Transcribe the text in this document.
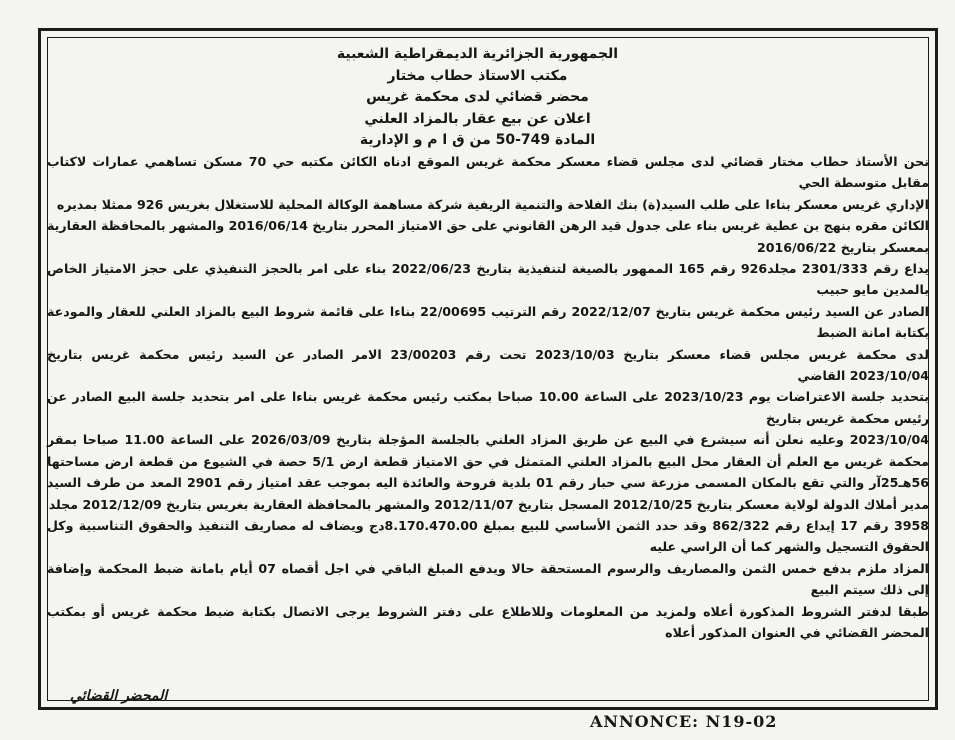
الجمهورية الجزائرية الديمقراطية الشعبية
مكتب الاستاذ حطاب مختار
محضر قضائي لدى محكمة غريس
اعلان عن بيع عقار بالمزاد العلني
المادة 749-50 من ق ا م و الإدارية

نحن الأستاذ حطاب مختار قضائي لدى مجلس قضاء معسكر محكمة غريس الموقع ادناه الكائن مكتبه حي 70 مسكن تساهمي عمارات لاكتاب مقابل متوسطة الحي

الإداري غريس معسكر بناءا على طلب السيد(ة) بنك الفلاحة والتنمية الريفية شركة مساهمة الوكالة المحلية للاستغلال بغريس 926 ممثلا بمديره

الكائن مقره بنهج بن عطية غريس بناء على جدول قيد الرهن القانوني على حق الامتياز المحرر بتاريخ 2016/06/14 والمشهر بالمحافظة العقارية بمعسكر بتاريخ 2016/06/22

يداع رقم 2301/333 مجلد926 رقم 165 الممهور بالصيغة لتنفيذية بتاريخ 2022/06/23 بناء على امر بالحجز التنفيذي على حجز الامتياز الخاص بالمدين مايو حبيب

الصادر عن السيد رئيس محكمة غريس بتاريخ 2022/12/07 رقم الترتيب 22/00695 بناءا على قائمة شروط البيع بالمزاد العلني للعقار والمودعة بكتابة امانة الضبط

لدى محكمة غريس مجلس قضاء معسكر بتاريخ 2023/10/03 تحت رقم 23/00203 الامر الصادر عن السيد رئيس محكمة غريس بتاريخ 2023/10/04 القاضي

بتحديد جلسة الاعتراضات يوم 2023/10/23 على الساعة 10.00 صباحا بمكتب رئيس محكمة غريس بناءا على امر بتحديد جلسة البيع الصادر عن رئيس محكمة غريس بتاريخ

2023/10/04 وعليه نعلن أنه سيشرع في البيع عن طريق المزاد العلني بالجلسة المؤجلة بتاريخ 2026/03/09 على الساعة 11.00 صباحا بمقر محكمة غريس مع العلم أن العقار محل البيع بالمزاد العلني المتمثل في حق الامتياز قطعة ارض 5/1 حصة في الشيوع من قطعة ارض مساحتها 56هـ25آر والتي تقع بالمكان المسمى مزرعة سي حبار رقم 01 بلدية فروحة والعائدة اليه بموجب عقد امتياز رقم 2901 المعد من طرف السيد مدير أملاك الدولة لولاية معسكر بتاريخ 2012/10/25 المسجل بتاريخ 2012/11/07 والمشهر بالمحافظة العقارية بغريس بتاريخ 2012/12/09 مجلد

3958 رقم 17 إيداع رقم 862/322 وقد حدد الثمن الأساسي للبيع بمبلغ 8.170.470.00دج ويضاف له مصاريف التنفيذ والحقوق التناسبية وكل الحقوق التسجيل والشهر كما أن الراسي عليه

المزاد ملزم بدفع خمس الثمن والمصاريف والرسوم المستحقة حالا ويدفع المبلغ الباقي في اجل أقصاه 07 أيام بامانة ضبط المحكمة وإضافة إلى ذلك سيتم البيع

طبقا لدفتر الشروط المذكورة أعلاه ولمزيد من المعلومات وللاطلاع على دفتر الشروط يرجى الاتصال بكتابة ضبط محكمة غريس أو بمكتب المحضر القضائي في العنوان المذكور أعلاه

المحضر القضائي
ANNONCE: N19-02
